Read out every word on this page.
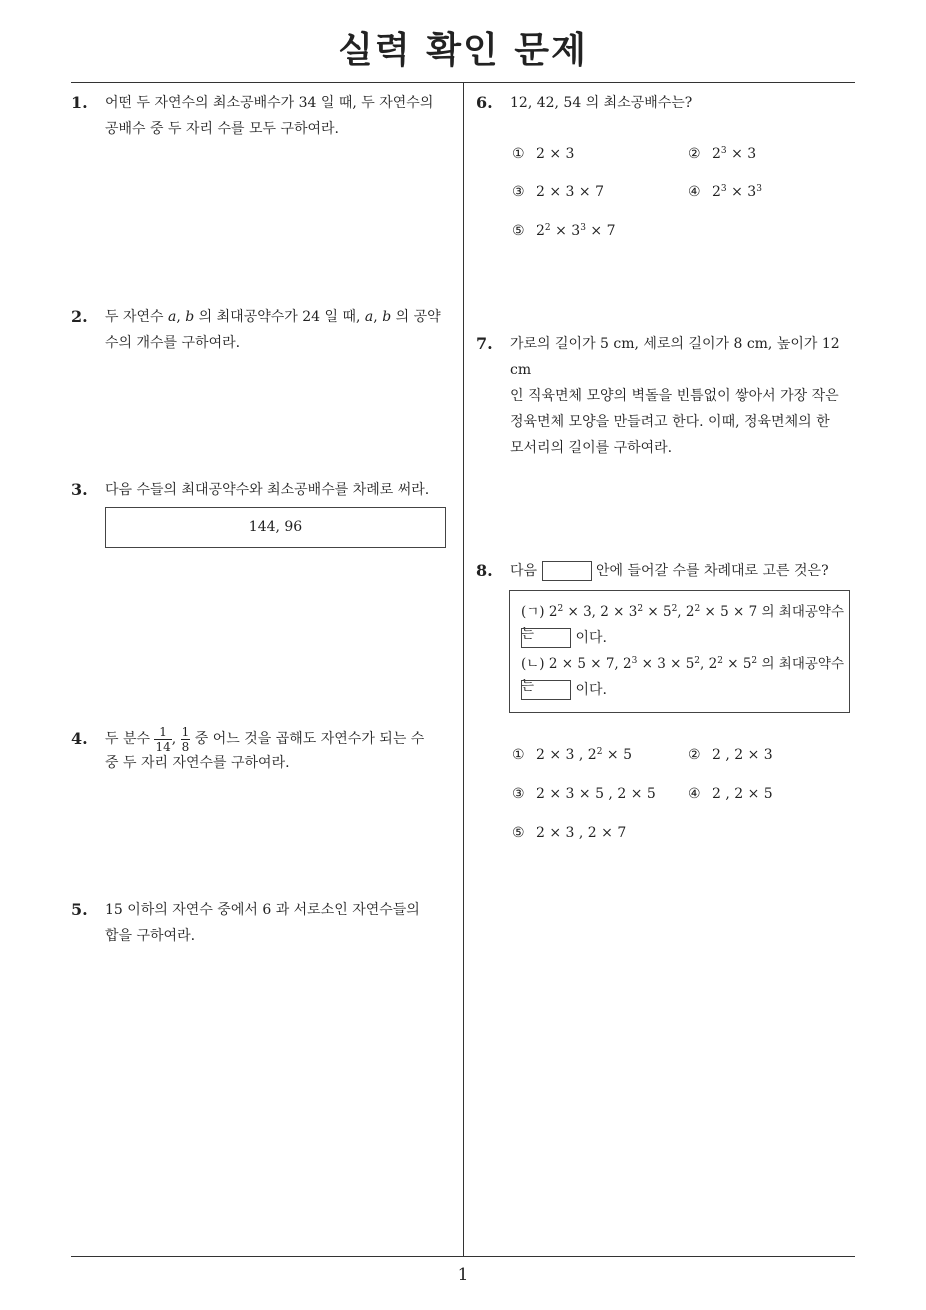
실력 확인 문제
1. 어떤 두 자연수의 최소공배수가 34 일 때, 두 자연수의
공배수 중 두 자리 수를 모두 구하여라.
2. 두 자연수 a, b 의 최대공약수가 24 일 때, a, b 의 공약
수의 개수를 구하여라.
3. 다음 수들의 최대공약수와 최소공배수를 차례로 써라.
144, 96
4. 두 분수 $\frac{1}{14}$ , $\frac{1}{8}$ 중 어느 것을 곱해도 자연수가 되는 수
중 두 자리 자연수를 구하여라.
5. 15 이하의 자연수 중에서 6 과 서로소인 자연수들의
합을 구하여라.
6. 12, 42, 54 의 최소공배수는?
① 2 × 3	② $2^3 \times 3$
③ 2 × 3 × 7	④ $2^3 \times 3^3$
⑤ $2^2 \times 3^3 \times 7$
7. 가로의 길이가 5 cm, 세로의 길이가 8 cm, 높이가 12 cm
인 직육면체 모양의 벽돌을 빈틈없이 쌓아서 가장 작은
정육면체 모양을 만들려고 한다. 이때, 정육면체의 한
모서리의 길이를 구하여라.
8. 다음	안에 들어갈 수를 차례대로 고른 것은?
(ㄱ) $2^2 \times 3$, $2 \times 3^2 \times 5^2$, $2^2 \times 5 \times 7$ 의 최대공약수는	이다.
(ㄴ) 2 × 5 × 7, $2^3 \times 3 \times 5^2$, $2^2 \times 5^2$ 의 최대공약수는	이다.
① 2 × 3 , $2^2 \times 5$	② 2 , 2 × 3
③ 2 × 3 × 5 , 2 × 5 ④ 2 , 2 × 5
⑤ 2 × 3 , 2 × 7
1
